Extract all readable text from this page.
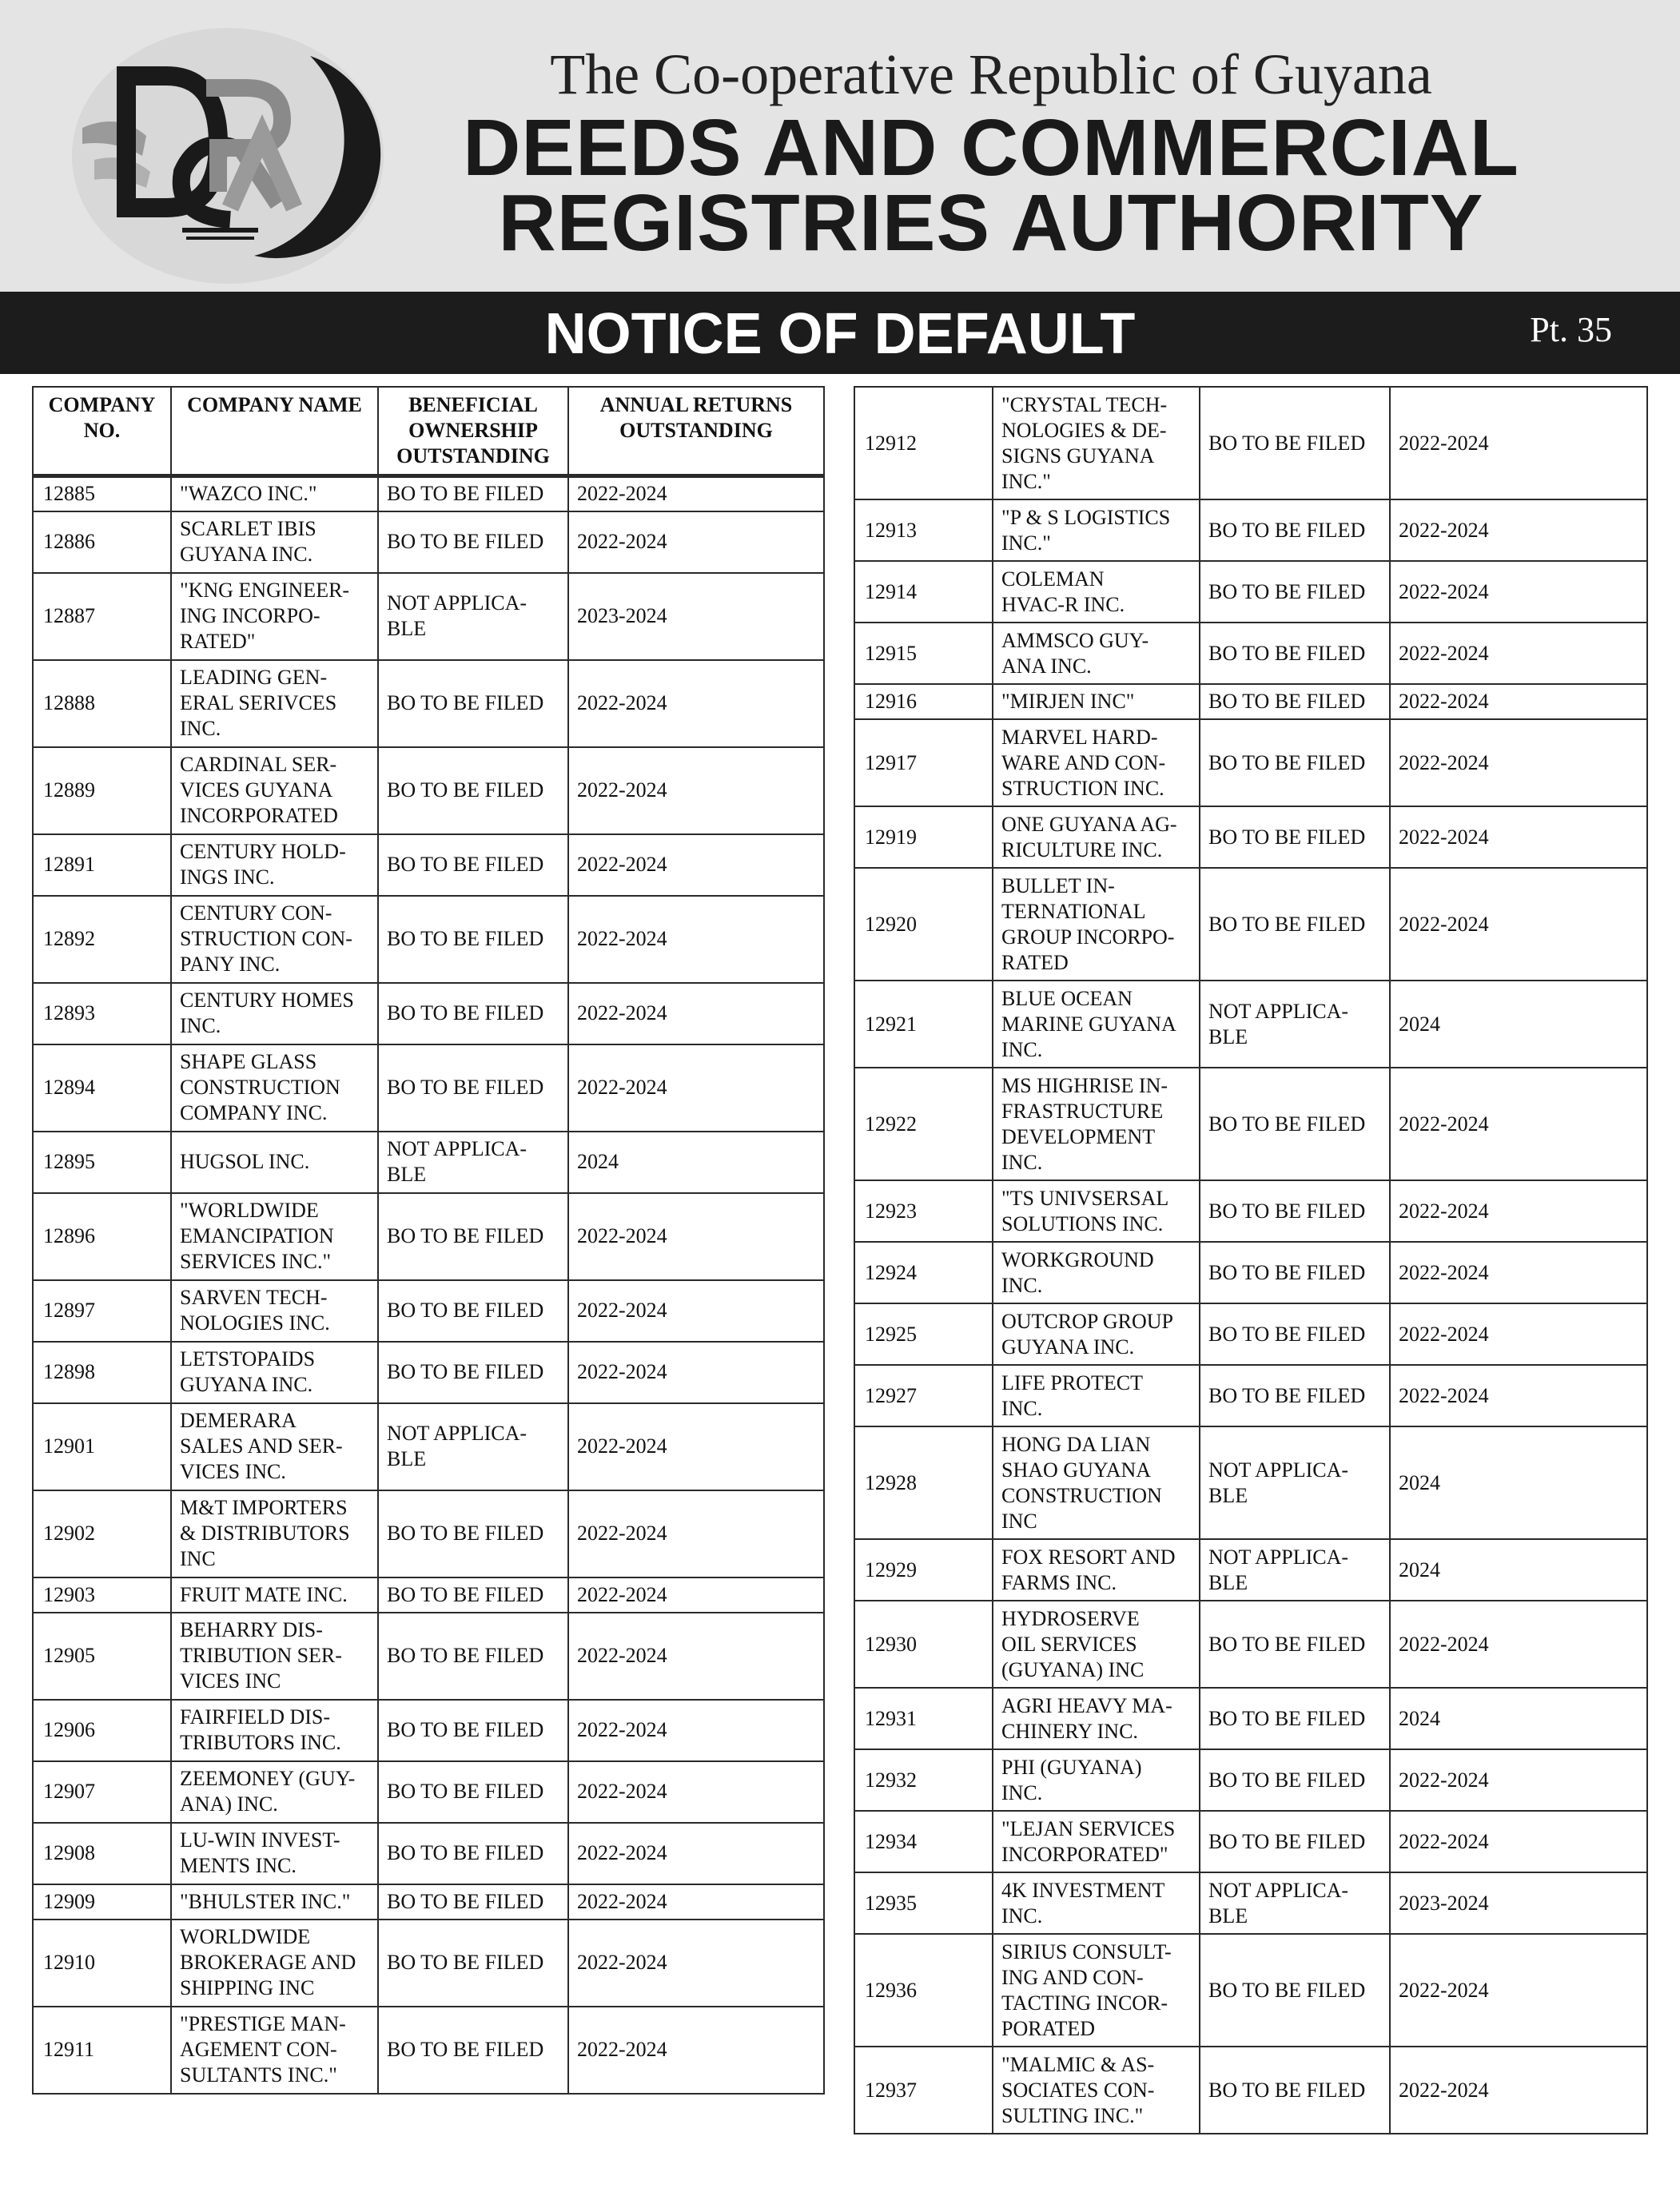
The Co-operative Republic of Guyana
DEEDS AND COMMERCIAL
REGISTRIES AUTHORITY
NOTICE OF DEFAULT	Pt. 35
COMPANY NO.	COMPANY NAME	BENEFICIAL OWNERSHIP OUTSTANDING	ANNUAL RETURNS OUTSTANDING
12885	"WAZCO INC."	BO TO BE FILED	2022-2024
12886	SCARLET IBIS
GUYANA INC.	BO TO BE FILED	2022-2024
12887	"KNG ENGINEER-
ING INCORPO-
RATED"	NOT APPLICA-
BLE	2023-2024
12888	LEADING GEN-
ERAL SERIVCES
INC.	BO TO BE FILED	2022-2024
12889	CARDINAL SER-
VICES GUYANA
INCORPORATED	BO TO BE FILED	2022-2024
12891	CENTURY HOLD-
INGS INC.	BO TO BE FILED	2022-2024
12892	CENTURY CON-
STRUCTION CON-
PANY INC.	BO TO BE FILED	2022-2024
12893	CENTURY HOMES
INC.	BO TO BE FILED	2022-2024
12894	SHAPE GLASS
CONSTRUCTION
COMPANY INC.	BO TO BE FILED	2022-2024
12895	HUGSOL INC.	NOT APPLICA-
BLE	2024
12896	"WORLDWIDE
EMANCIPATION
SERVICES INC."	BO TO BE FILED	2022-2024
12897	SARVEN TECH-
NOLOGIES INC.	BO TO BE FILED	2022-2024
12898	LETSTOPAIDS
GUYANA INC.	BO TO BE FILED	2022-2024
12901	DEMERARA
SALES AND SER-
VICES INC.	NOT APPLICA-
BLE	2022-2024
12902	M&T IMPORTERS
& DISTRIBUTORS
INC	BO TO BE FILED	2022-2024
12903	FRUIT MATE INC.	BO TO BE FILED	2022-2024
12905	BEHARRY DIS-
TRIBUTION SER-
VICES INC	BO TO BE FILED	2022-2024
12906	FAIRFIELD DIS-
TRIBUTORS INC.	BO TO BE FILED	2022-2024
12907	ZEEMONEY (GUY-
ANA) INC.	BO TO BE FILED	2022-2024
12908	LU-WIN INVEST-
MENTS INC.	BO TO BE FILED	2022-2024
12909	"BHULSTER INC."	BO TO BE FILED	2022-2024
12910	WORLDWIDE
BROKERAGE AND
SHIPPING INC	BO TO BE FILED	2022-2024
12911	"PRESTIGE MAN-
AGEMENT CON-
SULTANTS INC."	BO TO BE FILED	2022-2024
12912	"CRYSTAL TECH-
NOLOGIES & DE-
SIGNS GUYANA
INC."	BO TO BE FILED	2022-2024
12913	"P & S LOGISTICS
INC."	BO TO BE FILED	2022-2024
12914	COLEMAN
HVAC-R INC.	BO TO BE FILED	2022-2024
12915	AMMSCO GUY-
ANA INC.	BO TO BE FILED	2022-2024
12916	"MIRJEN INC"	BO TO BE FILED	2022-2024
12917	MARVEL HARD-
WARE AND CON-
STRUCTION INC.	BO TO BE FILED	2022-2024
12919	ONE GUYANA AG-
RICULTURE INC.	BO TO BE FILED	2022-2024
12920	BULLET IN-
TERNATIONAL
GROUP INCORPO-
RATED	BO TO BE FILED	2022-2024
12921	BLUE OCEAN
MARINE GUYANA
INC.	NOT APPLICA-
BLE	2024
12922	MS HIGHRISE IN-
FRASTRUCTURE
DEVELOPMENT
INC.	BO TO BE FILED	2022-2024
12923	"TS UNIVSERSAL
SOLUTIONS INC.	BO TO BE FILED	2022-2024
12924	WORKGROUND
INC.	BO TO BE FILED	2022-2024
12925	OUTCROP GROUP
GUYANA INC.	BO TO BE FILED	2022-2024
12927	LIFE PROTECT
INC.	BO TO BE FILED	2022-2024
12928	HONG DA LIAN
SHAO GUYANA
CONSTRUCTION
INC	NOT APPLICA-
BLE	2024
12929	FOX RESORT AND
FARMS INC.	NOT APPLICA-
BLE	2024
12930	HYDROSERVE
OIL SERVICES
(GUYANA) INC	BO TO BE FILED	2022-2024
12931	AGRI HEAVY MA-
CHINERY INC.	BO TO BE FILED	2024
12932	PHI (GUYANA)
INC.	BO TO BE FILED	2022-2024
12934	"LEJAN SERVICES
INCORPORATED"	BO TO BE FILED	2022-2024
12935	4K INVESTMENT
INC.	NOT APPLICA-
BLE	2023-2024
12936	SIRIUS CONSULT-
ING AND CON-
TACTING INCOR-
PORATED	BO TO BE FILED	2022-2024
12937	"MALMIC & AS-
SOCIATES CON-
SULTING INC."	BO TO BE FILED	2022-2024
